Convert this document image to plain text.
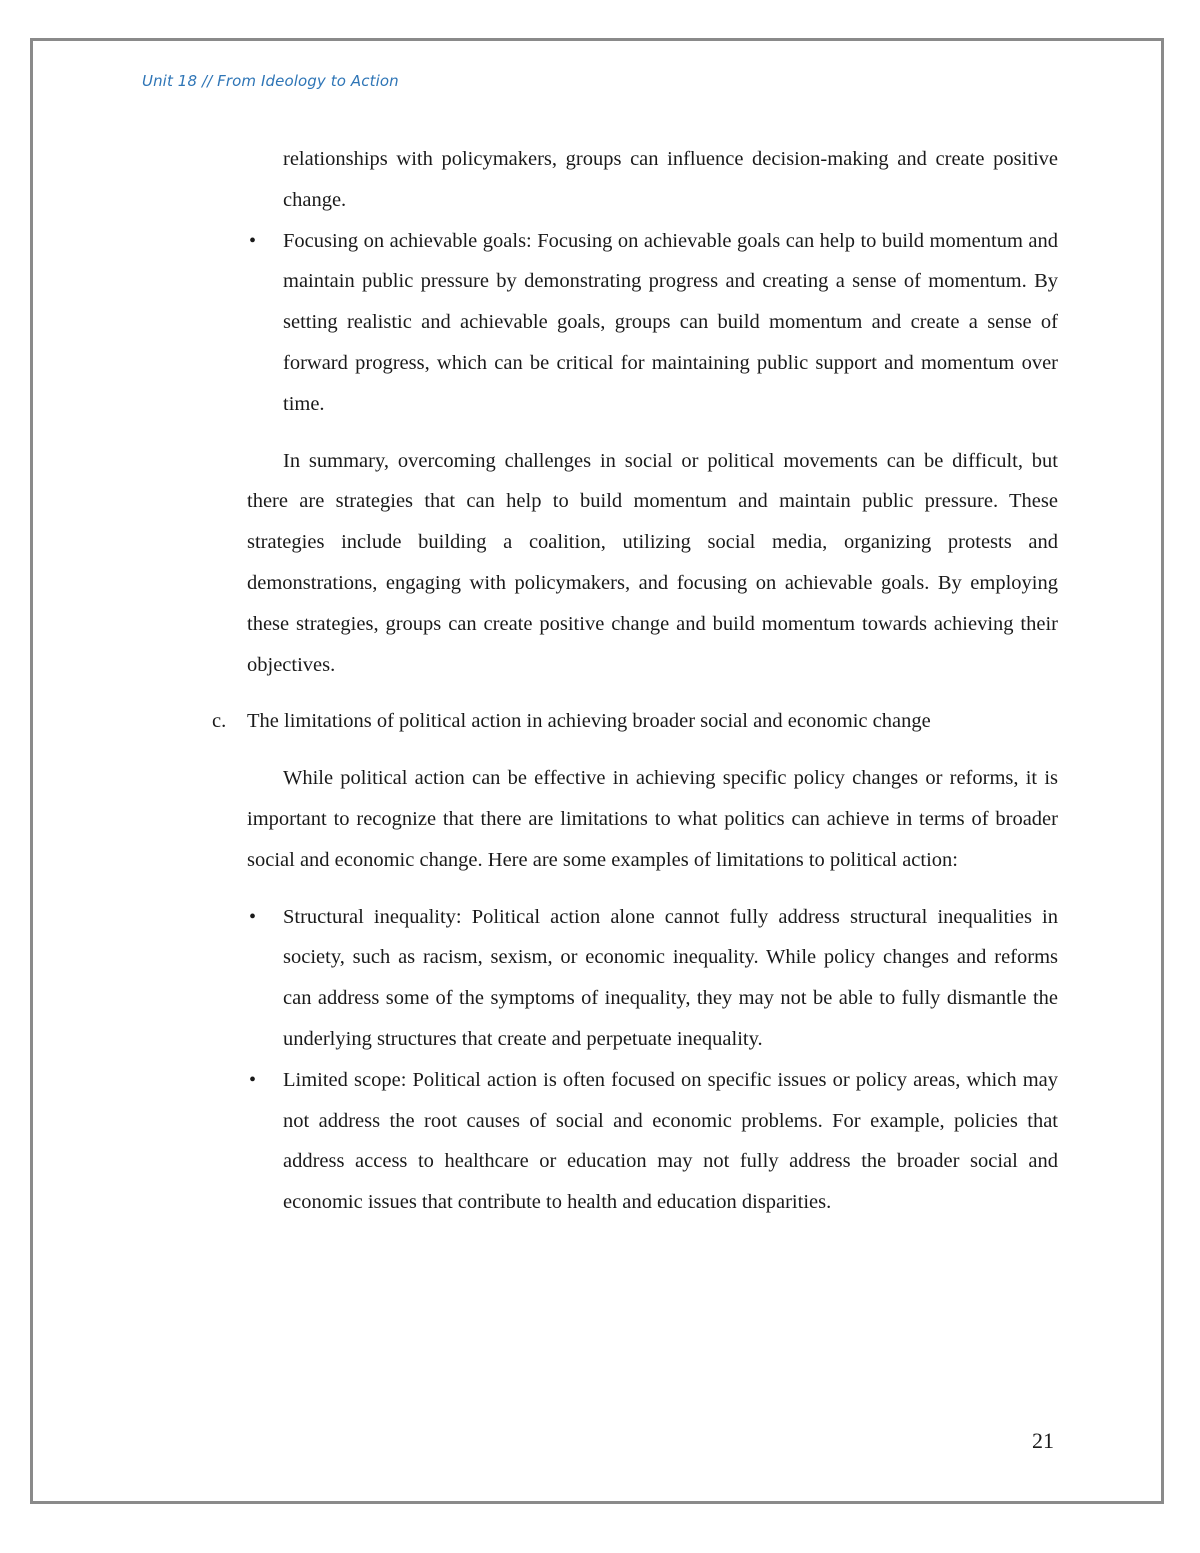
Unit 18 // From Ideology to Action

relationships with policymakers, groups can influence decision-making and create positive change.

•	Focusing on achievable goals: Focusing on achievable goals can help to build momentum and maintain public pressure by demonstrating progress and creating a sense of momentum. By setting realistic and achievable goals, groups can build momentum and create a sense of forward progress, which can be critical for maintaining public support and momentum over time.

In summary, overcoming challenges in social or political movements can be difficult, but there are strategies that can help to build momentum and maintain public pressure. These strategies include building a coalition, utilizing social media, organizing protests and demonstrations, engaging with policymakers, and focusing on achievable goals. By employing these strategies, groups can create positive change and build momentum towards achieving their objectives.

c. The limitations of political action in achieving broader social and economic change

While political action can be effective in achieving specific policy changes or reforms, it is important to recognize that there are limitations to what politics can achieve in terms of broader social and economic change. Here are some examples of limitations to political action:

•	Structural inequality: Political action alone cannot fully address structural inequalities in society, such as racism, sexism, or economic inequality. While policy changes and reforms can address some of the symptoms of inequality, they may not be able to fully dismantle the underlying structures that create and perpetuate inequality.
•	Limited scope: Political action is often focused on specific issues or policy areas, which may not address the root causes of social and economic problems. For example, policies that address access to healthcare or education may not fully address the broader social and economic issues that contribute to health and education disparities.
21
